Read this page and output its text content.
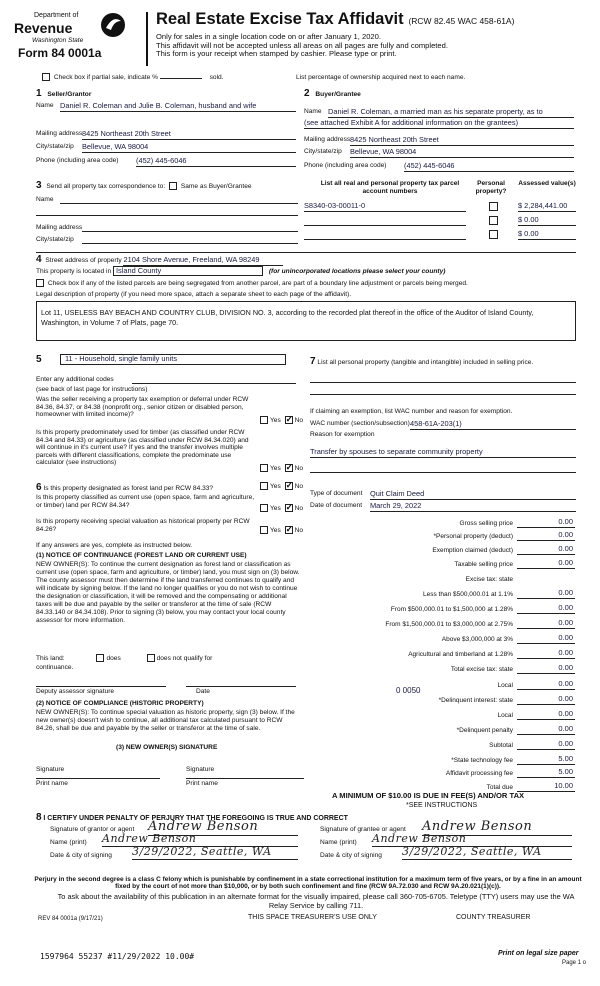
Department of
Revenue
Washington State
Form 84 0001a
Real Estate Excise Tax Affidavit (RCW 82.45 WAC 458-61A)
Only for sales in a single location code on or after January 1, 2020.
This affidavit will not be accepted unless all areas on all pages are fully and completed.
This form is your receipt when stamped by cashier. Please type or print.
Check box if partial sale, indicate %	sold.	List percentage of ownership acquired next to each name.
1 Seller/Grantor
Name Daniel R. Coleman and Julie B. Coleman, husband and wife
Mailing address 8425 Northeast 20th Street
City/state/zip Bellevue, WA 98004
Phone (including area code) (452) 445-6046
2 Buyer/Grantee
Name Daniel R. Coleman, a married man as his separate property, as to
(see attached Exhibit A for additional information on the grantees)
Mailing address 8425 Northeast 20th Street
City/state/zip Bellevue, WA 98004
Phone (including area code) (452) 445-6046
3 Send all property tax correspondence to: Same as Buyer/Grantee
Name
Mailing address
City/state/zip
List all real and personal property tax parcel account numbers
Personal property?
Assessed value(s)
S8340-03-00011-0	$ 2,284,441.00
$ 0.00
$ 0.00
4 Street address of property 2104 Shore Avenue, Freeland, WA 98249
This property is located in Island County	(for unincorporated locations please select your county)
Check box if any of the listed parcels are being segregated from another parcel, are part of a boundary line adjustment or parcels being merged.
Legal description of property (if you need more space, attach a separate sheet to each page of the affidavit).
Lot 11, USELESS BAY BEACH AND COUNTRY CLUB, DIVISION NO. 3, according to the recorded plat thereof in the office of the Auditor of Island County, Washington, in Volume 7 of Plats, page 70.
5	11 - Household, single family units
Enter any additional codes
(see back of last page for instructions)
Was the seller receiving a property tax exemption or deferral under RCW 84.36, 84.37, or 84.38 (nonprofit org., senior citizen or disabled person, homeowner with limited income)?
Yes ✓ No
Is this property predominately used for timber (as classified under RCW 84.34 and 84.33) or agriculture (as classified under RCW 84.34.020) and will continue in it's current use? If yes and the transfer involves multiple parcels with different classifications, complete the predominate use calculator (see instructions)
Yes ✓ No
6 Is this property designated as forest land per RCW 84.33?	Yes ✓ No
Is this property classified as current use (open space, farm and agriculture, or timber) land per RCW 84.34?	Yes ✓ No
Is this property receiving special valuation as historical property per RCW 84.26?	Yes ✓ No
If any answers are yes, complete as instructed below.
(1) NOTICE OF CONTINUANCE (FOREST LAND OR CURRENT USE)
NEW OWNER(S): To continue the current designation as forest land or classification as current use (open space, farm and agriculture, or timber) land, you must sign on (3) below. The county assessor must then determine if the land transferred continues to qualify and will indicate by signing below. If the land no longer qualifies or you do not wish to continue the designation or classification, it will be removed and the compensating or additional taxes will be due and payable by the seller or transferor at the time of sale (RCW 84.33.140 or 84.34.108). Prior to signing (3) below, you may contact your local county assessor for more information.
This land:	does	does not qualify for
continuance.
Deputy assessor signature	Date
(2) NOTICE OF COMPLIANCE (HISTORIC PROPERTY)
NEW OWNER(S): To continue special valuation as historic property, sign (3) below. If the new owner(s) doesn't wish to continue, all additional tax calculated pursuant to RCW 84.26, shall be due and payable by the seller or transferor at the time of sale.
(3) NEW OWNER(S) SIGNATURE
Signature	Signature
Print name	Print name
7 List all personal property (tangible and intangible) included in selling price.
If claiming an exemption, list WAC number and reason for exemption.
WAC number (section/subsection) 458-61A-203(1)
Reason for exemption
Transfer by spouses to separate community property
Type of document Quit Claim Deed
Date of document March 29, 2022
Gross selling price	0.00
*Personal property (deduct)	0.00
Exemption claimed (deduct)	0.00
Taxable selling price	0.00
Excise tax: state
Less than $500,000.01 at 1.1%	0.00
From $500,000.01 to $1,500,000 at 1.28%	0.00
From $1,500,000.01 to $3,000,000 at 2.75%	0.00
Above $3,000,000 at 3%	0.00
Agricultural and timberland at 1.28%	0.00
Total excise tax: state	0.00
Local	0.00
*Delinquent interest: state	0.00
Local	0.00
*Delinquent penalty	0.00
Subtotal	0.00
*State technology fee	5.00
Affidavit processing fee	5.00
Total due	10.00
0 0050
A MINIMUM OF $10.00 IS DUE IN FEE(S) AND/OR TAX
*SEE INSTRUCTIONS
8 I CERTIFY UNDER PENALTY OF PERJURY THAT THE FOREGOING IS TRUE AND CORRECT
Signature of grantor or agent Andrew Benson
Name (print) Andrew Benson
Date & city of signing 3/29/2022, Seattle, WA
Signature of grantee or agent Andrew Benson
Name (print) Andrew Benson
Date & city of signing 3/29/2022, Seattle, WA
Perjury in the second degree is a class C felony which is punishable by confinement in a state correctional institution for a maximum term of five years, or by a fine in an amount fixed by the court of not more than $10,000, or by both such confinement and fine (RCW 9A.72.030 and RCW 9A.20.021(1)(c)).
To ask about the availability of this publication in an alternate format for the visually impaired, please call 360-705-6705. Teletype (TTY) users may use the WA Relay Service by calling 711.
REV 84 0001a (9/17/21)	THIS SPACE TREASURER'S USE ONLY	COUNTY TREASURER
1597964 55237 #11/29/2022 10.00#	Print on legal size paper
Page 1 o
